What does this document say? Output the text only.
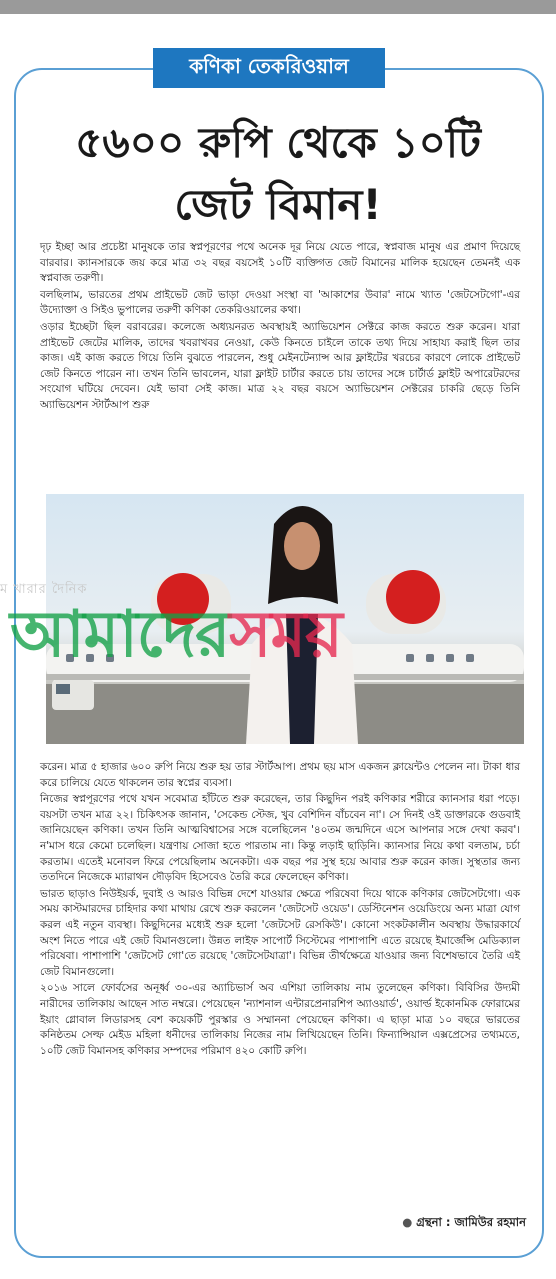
কণিকা তেকরিওয়াল
৫৬০০ রুপি থেকে ১০টি
জেট বিমান!

দৃঢ় ইচ্ছা আর প্রচেষ্টা মানুষকে তার স্বপ্নপূরণের পথে অনেক দূর নিয়ে যেতে পারে, স্বপ্নবাজ মানুষ এর প্রমাণ দিয়েছে বারবার। ক্যানসারকে জয় করে মাত্র ৩২ বছর বয়সেই ১০টি ব্যক্তিগত জেট বিমানের মালিক হয়েছেন তেমনই এক স্বপ্নবাজ তরুণী।

বলছিলাম, ভারতের প্রথম প্রাইভেট জেট ভাড়া দেওয়া সংস্থা বা 'আকাশের উবার' নামে খ্যাত 'জেটসেটগো'-এর উদ্যোক্তা ও সিইও ভুপালের তরুণী কণিকা তেকরিওয়ালের কথা।

ওড়ার ইচ্ছেটা ছিল বরাবরের। কলেজে অধ্যয়নরত অবস্থায়ই অ্যাভিয়েশন সেক্টরে কাজ করতে শুরু করেন। যারা প্রাইভেট জেটের মালিক, তাদের খবরাখবর নেওয়া, কেউ কিনতে চাইলে তাকে তথ্য দিয়ে সাহায্য করাই ছিল তার কাজ। এই কাজ করতে গিয়ে তিনি বুঝতে পারলেন, শুধু মেইনটেন্যান্স আর ফ্লাইটের খরচের কারণে লোকে প্রাইভেট জেট কিনতে পারেন না। তখন তিনি ভাবলেন, যারা ফ্লাইট চার্টার করতে চায় তাদের সঙ্গে চার্টার্ড ফ্লাইট অপারেটরদের সংযোগ ঘটিয়ে দেবেন। যেই ভাবা সেই কাজ। মাত্র ২২ বছর বয়সে অ্যাভিয়েশন সেক্টরের চাকরি ছেড়ে তিনি অ্যাভিয়েশন স্টার্টআপ শুরু

ম খারার দৈনিক
আমাদেরসময়

করেন। মাত্র ৫ হাজার ৬০০ রুপি নিয়ে শুরু হয় তার স্টার্টআপ। প্রথম ছয় মাস একজন ক্লায়েন্টও পেলেন না। টাকা ধার করে চালিয়ে যেতে থাকলেন তার স্বপ্নের ব্যবসা।

নিজের স্বপ্নপূরণের পথে যখন সবেমাত্র হাঁটতে শুরু করেছেন, তার কিছুদিন পরই কণিকার শরীরে ক্যানসার ধরা পড়ে। বয়সটা তখন মাত্র ২২। চিকিৎসক জানান, 'সেকেন্ড স্টেজ, খুব বেশিদিন বাঁচবেন না'। সে দিনই ওই ডাক্তারকে গুডবাই জানিয়েছেন কণিকা। তখন তিনি আত্মবিশ্বাসের সঙ্গে বলেছিলেন '৪০তম জন্মদিনে এসে আপনার সঙ্গে দেখা করব'। ন'মাস ধরে কেমো চলেছিল। যন্ত্রণায় সোজা হতে পারতাম না। কিন্তু লড়াই ছাড়িনি। ক্যানসার নিয়ে কথা বলতাম, চর্চা করতাম। এতেই মনোবল ফিরে পেয়েছিলাম অনেকটা। এক বছর পর সুস্থ হয়ে আবার শুরু করেন কাজ। সুস্থতার জন্য ততদিনে নিজেকে ম্যারাথন দৌড়বিদ হিসেবেও তৈরি করে ফেলেছেন কণিকা।

ভারত ছাড়াও নিউইয়র্ক, দুবাই ও আরও বিভিন্ন দেশে যাওয়ার ক্ষেত্রে পরিষেবা দিয়ে থাকে কণিকার জেটসেটগো। এক সময় কাস্টমারদের চাহিদার কথা মাথায় রেখে শুরু করলেন 'জেটসেট ওয়েড'। ডেস্টিনেশন ওয়েডিংয়ে অন্য মাত্রা যোগ করল এই নতুন ব্যবস্থা। কিছুদিনের মধ্যেই শুরু হলো 'জেটসেট রেসকিউ'। কোনো সংকটকালীন অবস্থায় উদ্ধারকার্যে অংশ নিতে পারে এই জেট বিমানগুলো। উন্নত লাইফ সাপোর্ট সিস্টেমের পাশাপাশি এতে রয়েছে ইমার্জেন্সি মেডিক্যাল পরিষেবা। পাশাপাশি 'জেটসেট গো'তে রয়েছে 'জেটসেটযাত্রা'। বিভিন্ন তীর্থক্ষেত্রে যাওয়ার জন্য বিশেষভাবে তৈরি এই জেট বিমানগুলো।

২০১৬ সালে ফোর্বসের অনূর্ধ্ব ৩০-এর অ্যাচিভার্স অব এশিয়া তালিকায় নাম তুলেছেন কণিকা। বিবিসির উদ্যমী নারীদের তালিকায় আছেন সাত নম্বরে। পেয়েছেন 'ন্যাশনাল এন্টারপ্রেনারশিপ অ্যাওয়ার্ড', ওয়ার্ল্ড ইকোনমিক ফোরামের ইয়াং গ্লোবাল লিডারসহ বেশ কয়েকটি পুরস্কার ও সম্মাননা পেয়েছেন কণিকা। এ ছাড়া মাত্র ১০ বছরে ভারতের কনিষ্ঠতম সেল্ফ মেইড মহিলা ধনীদের তালিকায় নিজের নাম লিখিয়েছেন তিনি। ফিন্যান্সিয়াল এক্সপ্রেসের তথ্যমতে, ১০টি জেট বিমানসহ কণিকার সম্পদের পরিমাণ ৪২০ কোটি রুপি।

● গ্রন্থনা : জামিউর রহমান
